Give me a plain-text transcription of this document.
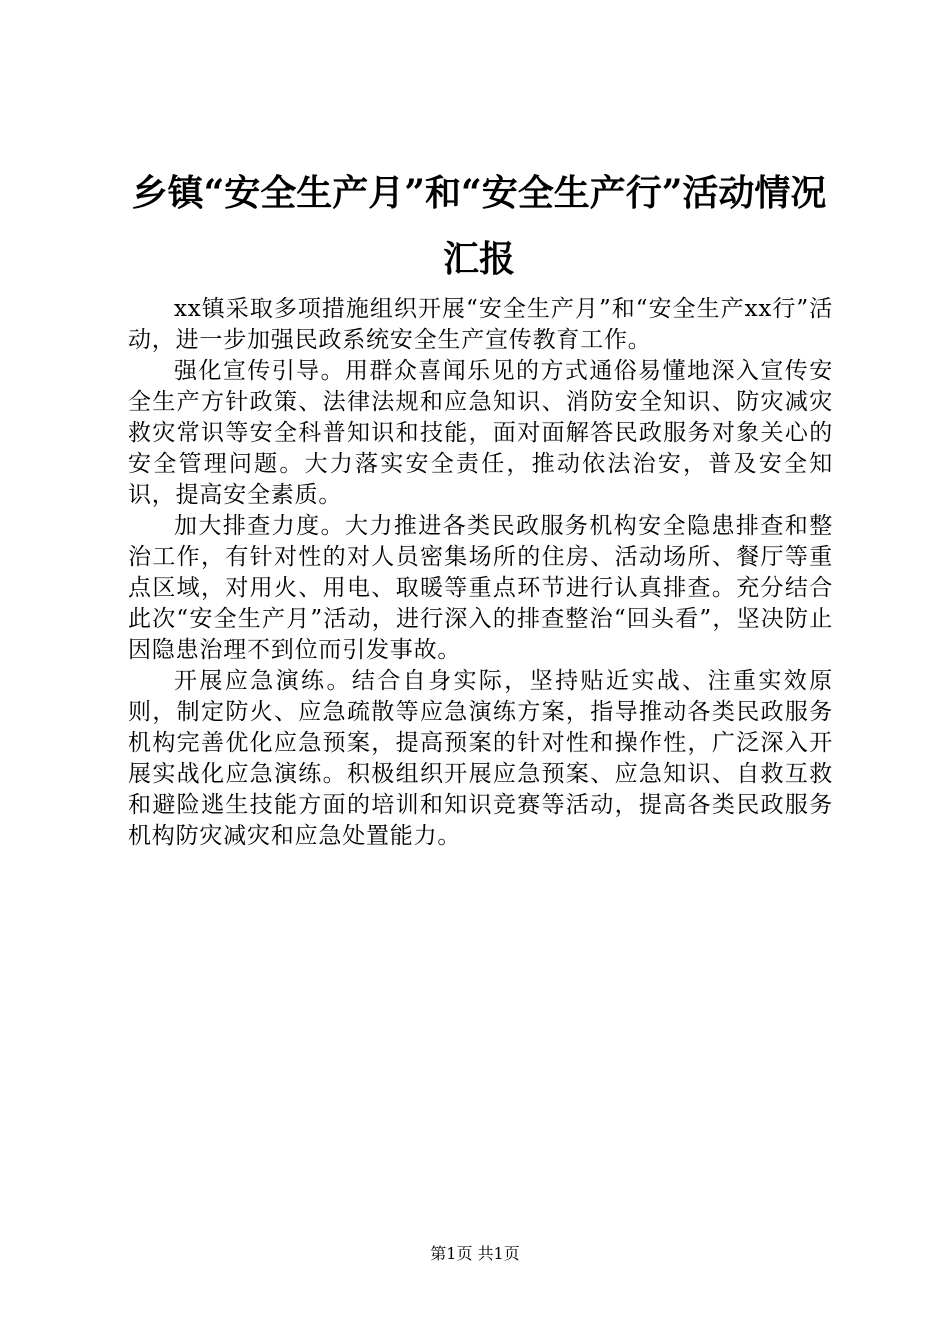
乡镇“安全生产月”和“安全生产行”活动情况汇报

xx镇采取多项措施组织开展“安全生产月”和“安全生产xx行”活动，进一步加强民政系统安全生产宣传教育工作。

强化宣传引导。用群众喜闻乐见的方式通俗易懂地深入宣传安全生产方针政策、法律法规和应急知识、消防安全知识、防灾减灾救灾常识等安全科普知识和技能，面对面解答民政服务对象关心的安全管理问题。大力落实安全责任，推动依法治安，普及安全知识，提高安全素质。

加大排查力度。大力推进各类民政服务机构安全隐患排查和整治工作，有针对性的对人员密集场所的住房、活动场所、餐厅等重点区域，对用火、用电、取暖等重点环节进行认真排查。充分结合此次“安全生产月”活动，进行深入的排查整治“回头看”，坚决防止因隐患治理不到位而引发事故。

开展应急演练。结合自身实际，坚持贴近实战、注重实效原则，制定防火、应急疏散等应急演练方案，指导推动各类民政服务机构完善优化应急预案，提高预案的针对性和操作性，广泛深入开展实战化应急演练。积极组织开展应急预案、应急知识、自救互救和避险逃生技能方面的培训和知识竞赛等活动，提高各类民政服务机构防灾减灾和应急处置能力。

第1页 共1页
